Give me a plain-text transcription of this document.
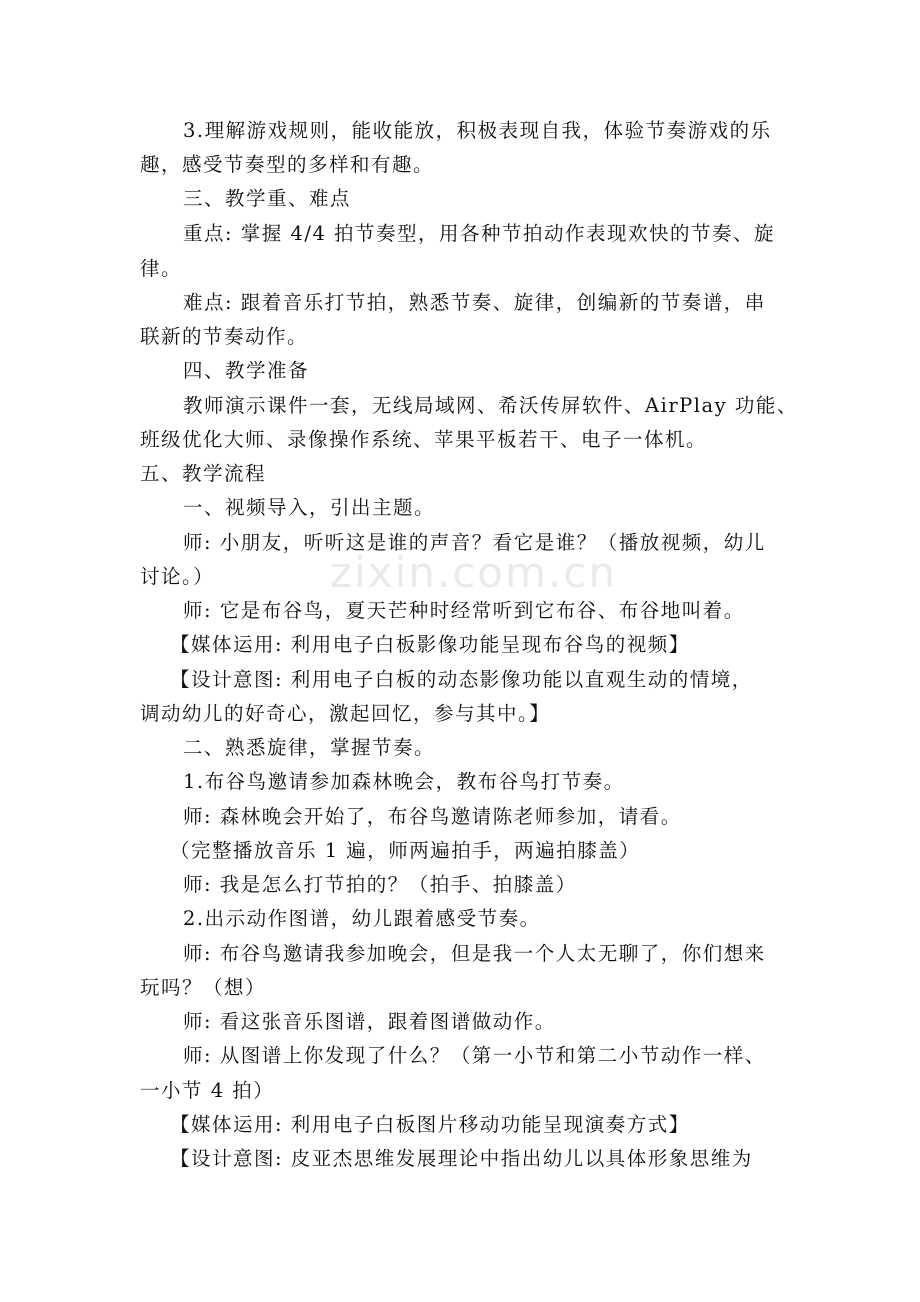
3.理解游戏规则，能收能放，积极表现自我，体验节奏游戏的乐
趣，感受节奏型的多样和有趣。
三、教学重、难点
重点: 掌握 4/4 拍节奏型，用各种节拍动作表现欢快的节奏、旋
律。
难点: 跟着音乐打节拍，熟悉节奏、旋律，创编新的节奏谱，串
联新的节奏动作。
四、教学准备
教师演示课件一套，无线局域网、希沃传屏软件、AirPlay 功能、
班级优化大师、录像操作系统、苹果平板若干、电子一体机。
五、教学流程
一、视频导入，引出主题。
师: 小朋友，听听这是谁的声音？看它是谁？（播放视频，幼儿
讨论。）
师: 它是布谷鸟，夏天芒种时经常听到它布谷、布谷地叫着。
【媒体运用: 利用电子白板影像功能呈现布谷鸟的视频】
【设计意图: 利用电子白板的动态影像功能以直观生动的情境，
调动幼儿的好奇心，激起回忆，参与其中。】
二、熟悉旋律，掌握节奏。
1.布谷鸟邀请参加森林晚会，教布谷鸟打节奏。
师: 森林晚会开始了，布谷鸟邀请陈老师参加，请看。
（完整播放音乐 1 遍，师两遍拍手，两遍拍膝盖）
师: 我是怎么打节拍的？（拍手、拍膝盖）
2.出示动作图谱，幼儿跟着感受节奏。
师: 布谷鸟邀请我参加晚会，但是我一个人太无聊了，你们想来
玩吗？（想）
师: 看这张音乐图谱，跟着图谱做动作。
师: 从图谱上你发现了什么？（第一小节和第二小节动作一样、
一小节 4 拍）
【媒体运用: 利用电子白板图片移动功能呈现演奏方式】
【设计意图: 皮亚杰思维发展理论中指出幼儿以具体形象思维为
zixin.com.cn
